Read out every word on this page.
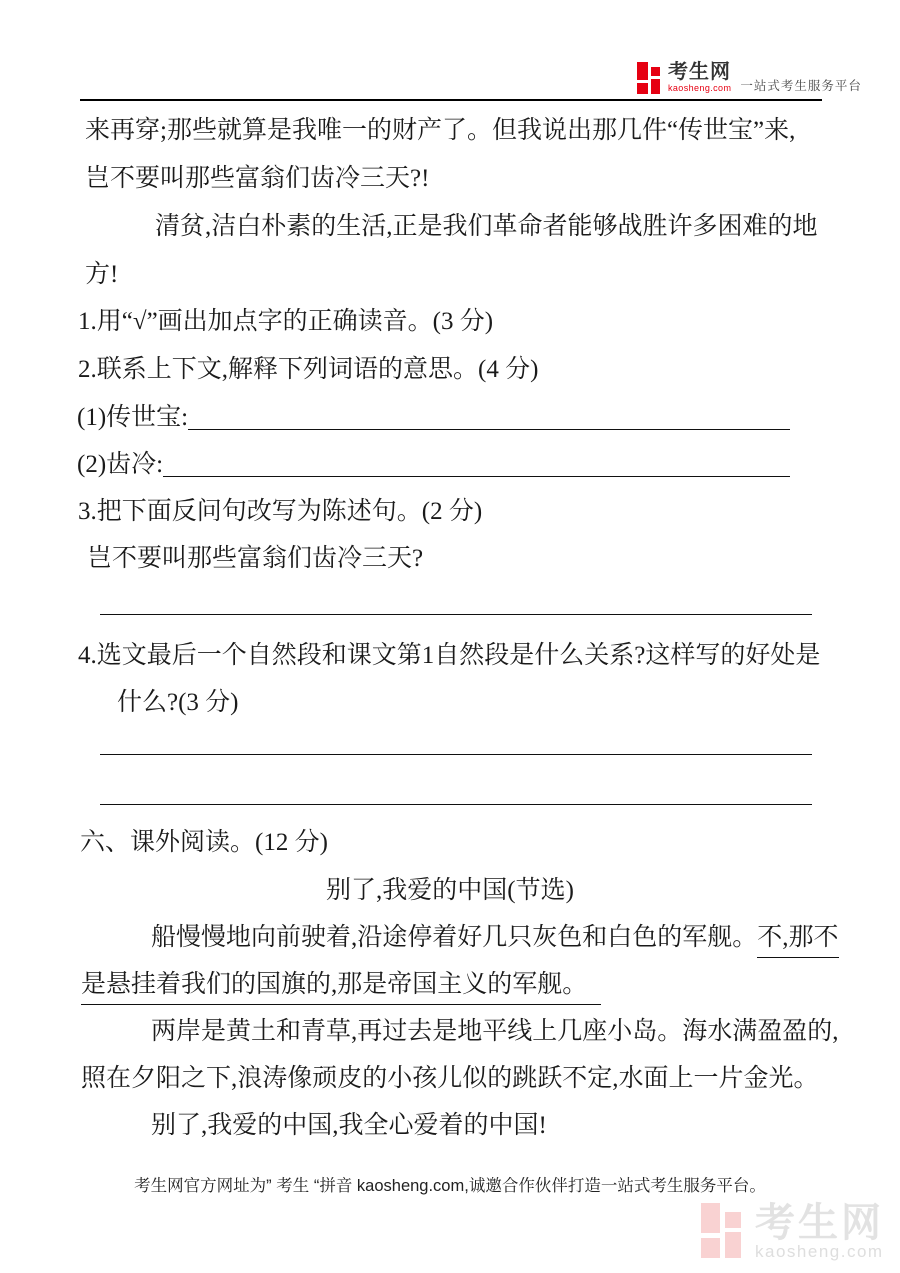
考生网
kaosheng.com 一站式考生服务平台
来再穿;那些就算是我唯一的财产了。但我说出那几件“传世宝”来,
岂不要叫那些富翁们齿冷三天?!
清贫,洁白朴素的生活,正是我们革命者能够战胜许多困难的地
方!
1.用“√”画出加点字的正确读音。(3 分)
2.联系上下文,解释下列词语的意思。(4 分)
(1)传世宝:
(2)齿冷:
3.把下面反问句改写为陈述句。(2 分)
岂不要叫那些富翁们齿冷三天?
4.选文最后一个自然段和课文第1自然段是什么关系?这样写的好处是
什么?(3 分)
六、课外阅读。(12 分)
别了,我爱的中国(节选)
船慢慢地向前驶着,沿途停着好几只灰色和白色的军舰。不,那不
是悬挂着我们的国旗的,那是帝国主义的军舰。
两岸是黄土和青草,再过去是地平线上几座小岛。海水满盈盈的,
照在夕阳之下,浪涛像顽皮的小孩儿似的跳跃不定,水面上一片金光。
别了,我爱的中国,我全心爱着的中国!
考生网官方网址为” 考生 “拼音 kaosheng.com,诚邀合作伙伴打造一站式考生服务平台。
考生网
kaosheng.com
